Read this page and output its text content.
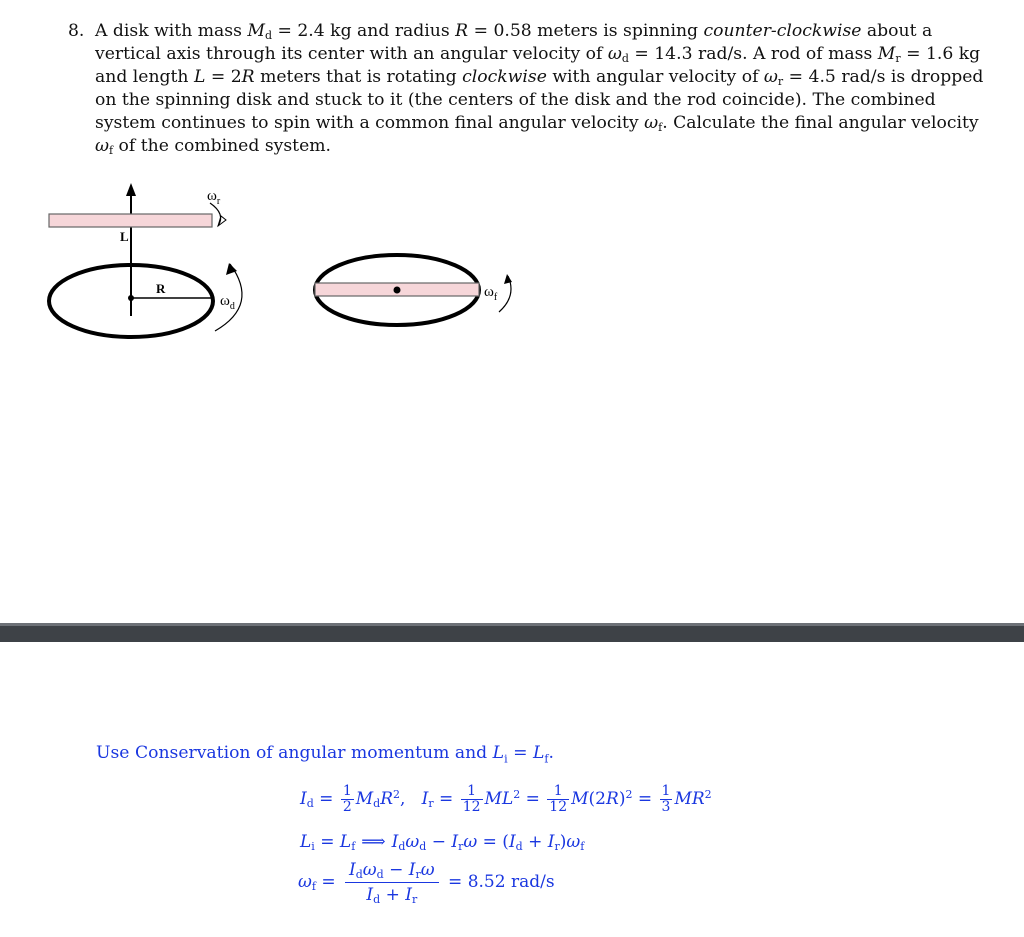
8. A disk with mass $M_d = 2.4$ kg and radius R = 0.58 meters is spinning counter-clockwise about a
vertical axis through its center with an angular velocity of $\omega_d = 14.3$ rad/s. A rod of mass $M_r = 1.6$ kg
and length L = 2R meters that is rotating clockwise with angular velocity of $\omega_r = 4.5$ rad/s is dropped
on the spinning disk and stuck to it (the centers of the disk and the rod coincide). The combined
system continues to spin with a common final angular velocity $\omega_f$. Calculate the final angular velocity
$\omega_f$ of the combined system.
L
R
$\omega_r$
$\omega_d$
$\omega_f$
Use Conservation of angular momentum and $L_i = L_f$.
$I_d = \frac{1}{2} M_dR^2$,   $I_r = \frac{1}{12} ML^2 = \frac{1}{12} M(2R)^2 = \frac{1}{3} MR^2$
$L_i = L_f$ ⟹ $I_d\omega_d - I_r\omega = (I_d + I_r)\omega_f$
$\omega_f$ =
$I_d\omega_d - I_r\omega$
$I_d + I_r$
= 8.52 rad/s
